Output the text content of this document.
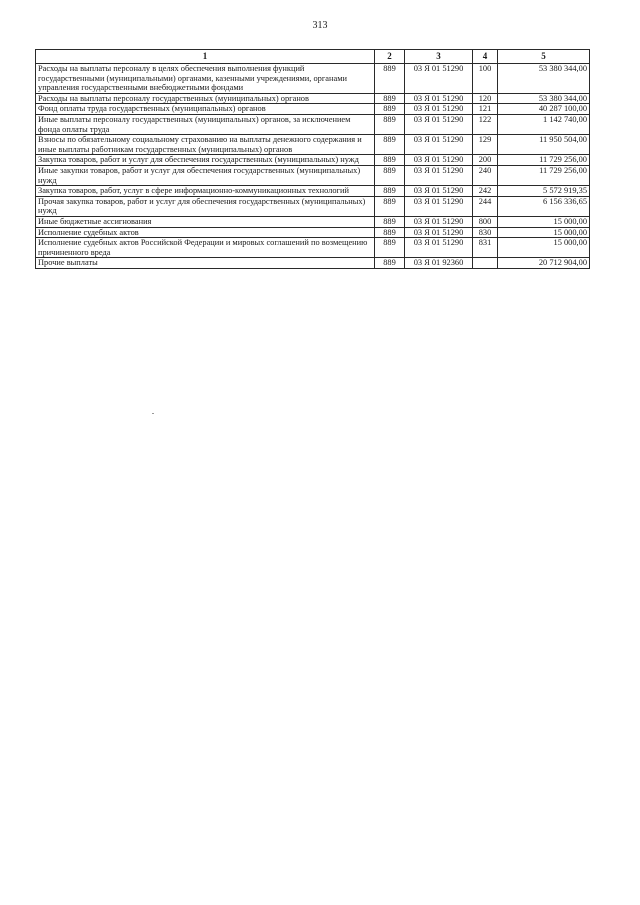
313
1	2	3	4	5
Расходы на выплаты персоналу в целях обеспечения выполнения функций государственными (муниципальными) органами, казенными учреждениями, органами управления государственными внебюджетными фондами	889	03 Я 01 51290	100	53 380 344,00
Расходы на выплаты персоналу государственных (муниципальных) органов	889	03 Я 01 51290	120	53 380 344,00
Фонд оплаты труда государственных (муниципальных) органов	889	03 Я 01 51290	121	40 287 100,00
Иные выплаты персоналу государственных (муниципальных) органов, за исключением фонда оплаты труда	889	03 Я 01 51290	122	1 142 740,00
Взносы по обязательному социальному страхованию на выплаты денежного содержания и иные выплаты работникам государственных (муниципальных) органов	889	03 Я 01 51290	129	11 950 504,00
Закупка товаров, работ и услуг для обеспечения государственных (муниципальных) нужд	889	03 Я 01 51290	200	11 729 256,00
Иные закупки товаров, работ и услуг для обеспечения государственных (муниципальных) нужд	889	03 Я 01 51290	240	11 729 256,00
Закупка товаров, работ, услуг в сфере информационно-коммуникационных технологий	889	03 Я 01 51290	242	5 572 919,35
Прочая закупка товаров, работ и услуг для обеспечения государственных (муниципальных) нужд	889	03 Я 01 51290	244	6 156 336,65
Иные бюджетные ассигнования	889	03 Я 01 51290	800	15 000,00
Исполнение судебных актов	889	03 Я 01 51290	830	15 000,00
Исполнение судебных актов Российской Федерации и мировых соглашений по возмещению причиненного вреда	889	03 Я 01 51290	831	15 000,00
Прочие выплаты	889	03 Я 01 92360		20 712 904,00
